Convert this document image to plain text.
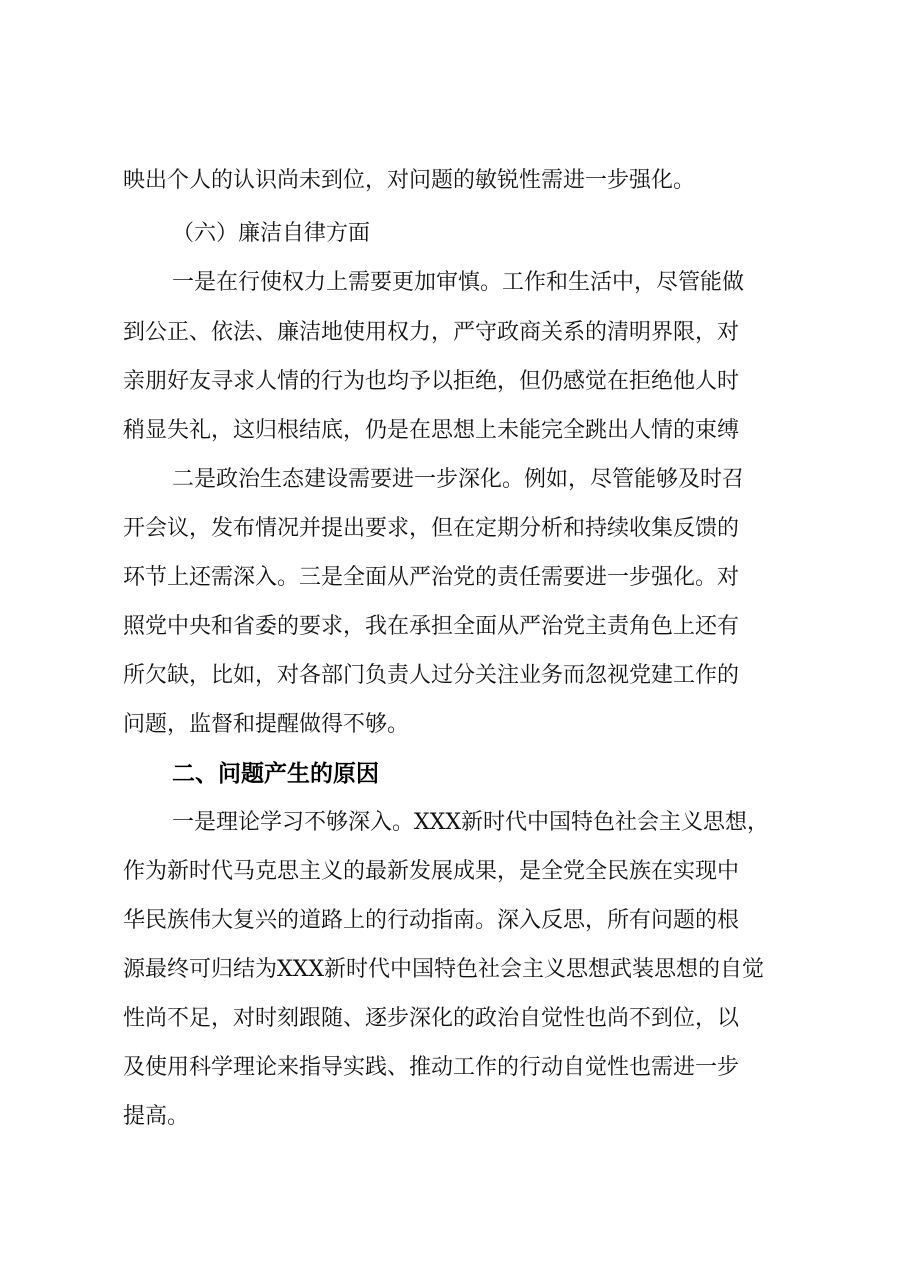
映出个人的认识尚未到位，对问题的敏锐性需进一步强化。

（六）廉洁自律方面

一是在行使权力上需要更加审慎。工作和生活中，尽管能做

到公正、依法、廉洁地使用权力，严守政商关系的清明界限，对

亲朋好友寻求人情的行为也均予以拒绝，但仍感觉在拒绝他人时

稍显失礼，这归根结底，仍是在思想上未能完全跳出人情的束缚

二是政治生态建设需要进一步深化。例如，尽管能够及时召

开会议，发布情况并提出要求，但在定期分析和持续收集反馈的

环节上还需深入。三是全面从严治党的责任需要进一步强化。对

照党中央和省委的要求，我在承担全面从严治党主责角色上还有

所欠缺，比如，对各部门负责人过分关注业务而忽视党建工作的

问题，监督和提醒做得不够。

二、问题产生的原因

一是理论学习不够深入。XXX新时代中国特色社会主义思想，

作为新时代马克思主义的最新发展成果，是全党全民族在实现中

华民族伟大复兴的道路上的行动指南。深入反思，所有问题的根

源最终可归结为XXX新时代中国特色社会主义思想武装思想的自觉

性尚不足，对时刻跟随、逐步深化的政治自觉性也尚不到位，以

及使用科学理论来指导实践、推动工作的行动自觉性也需进一步

提高。
